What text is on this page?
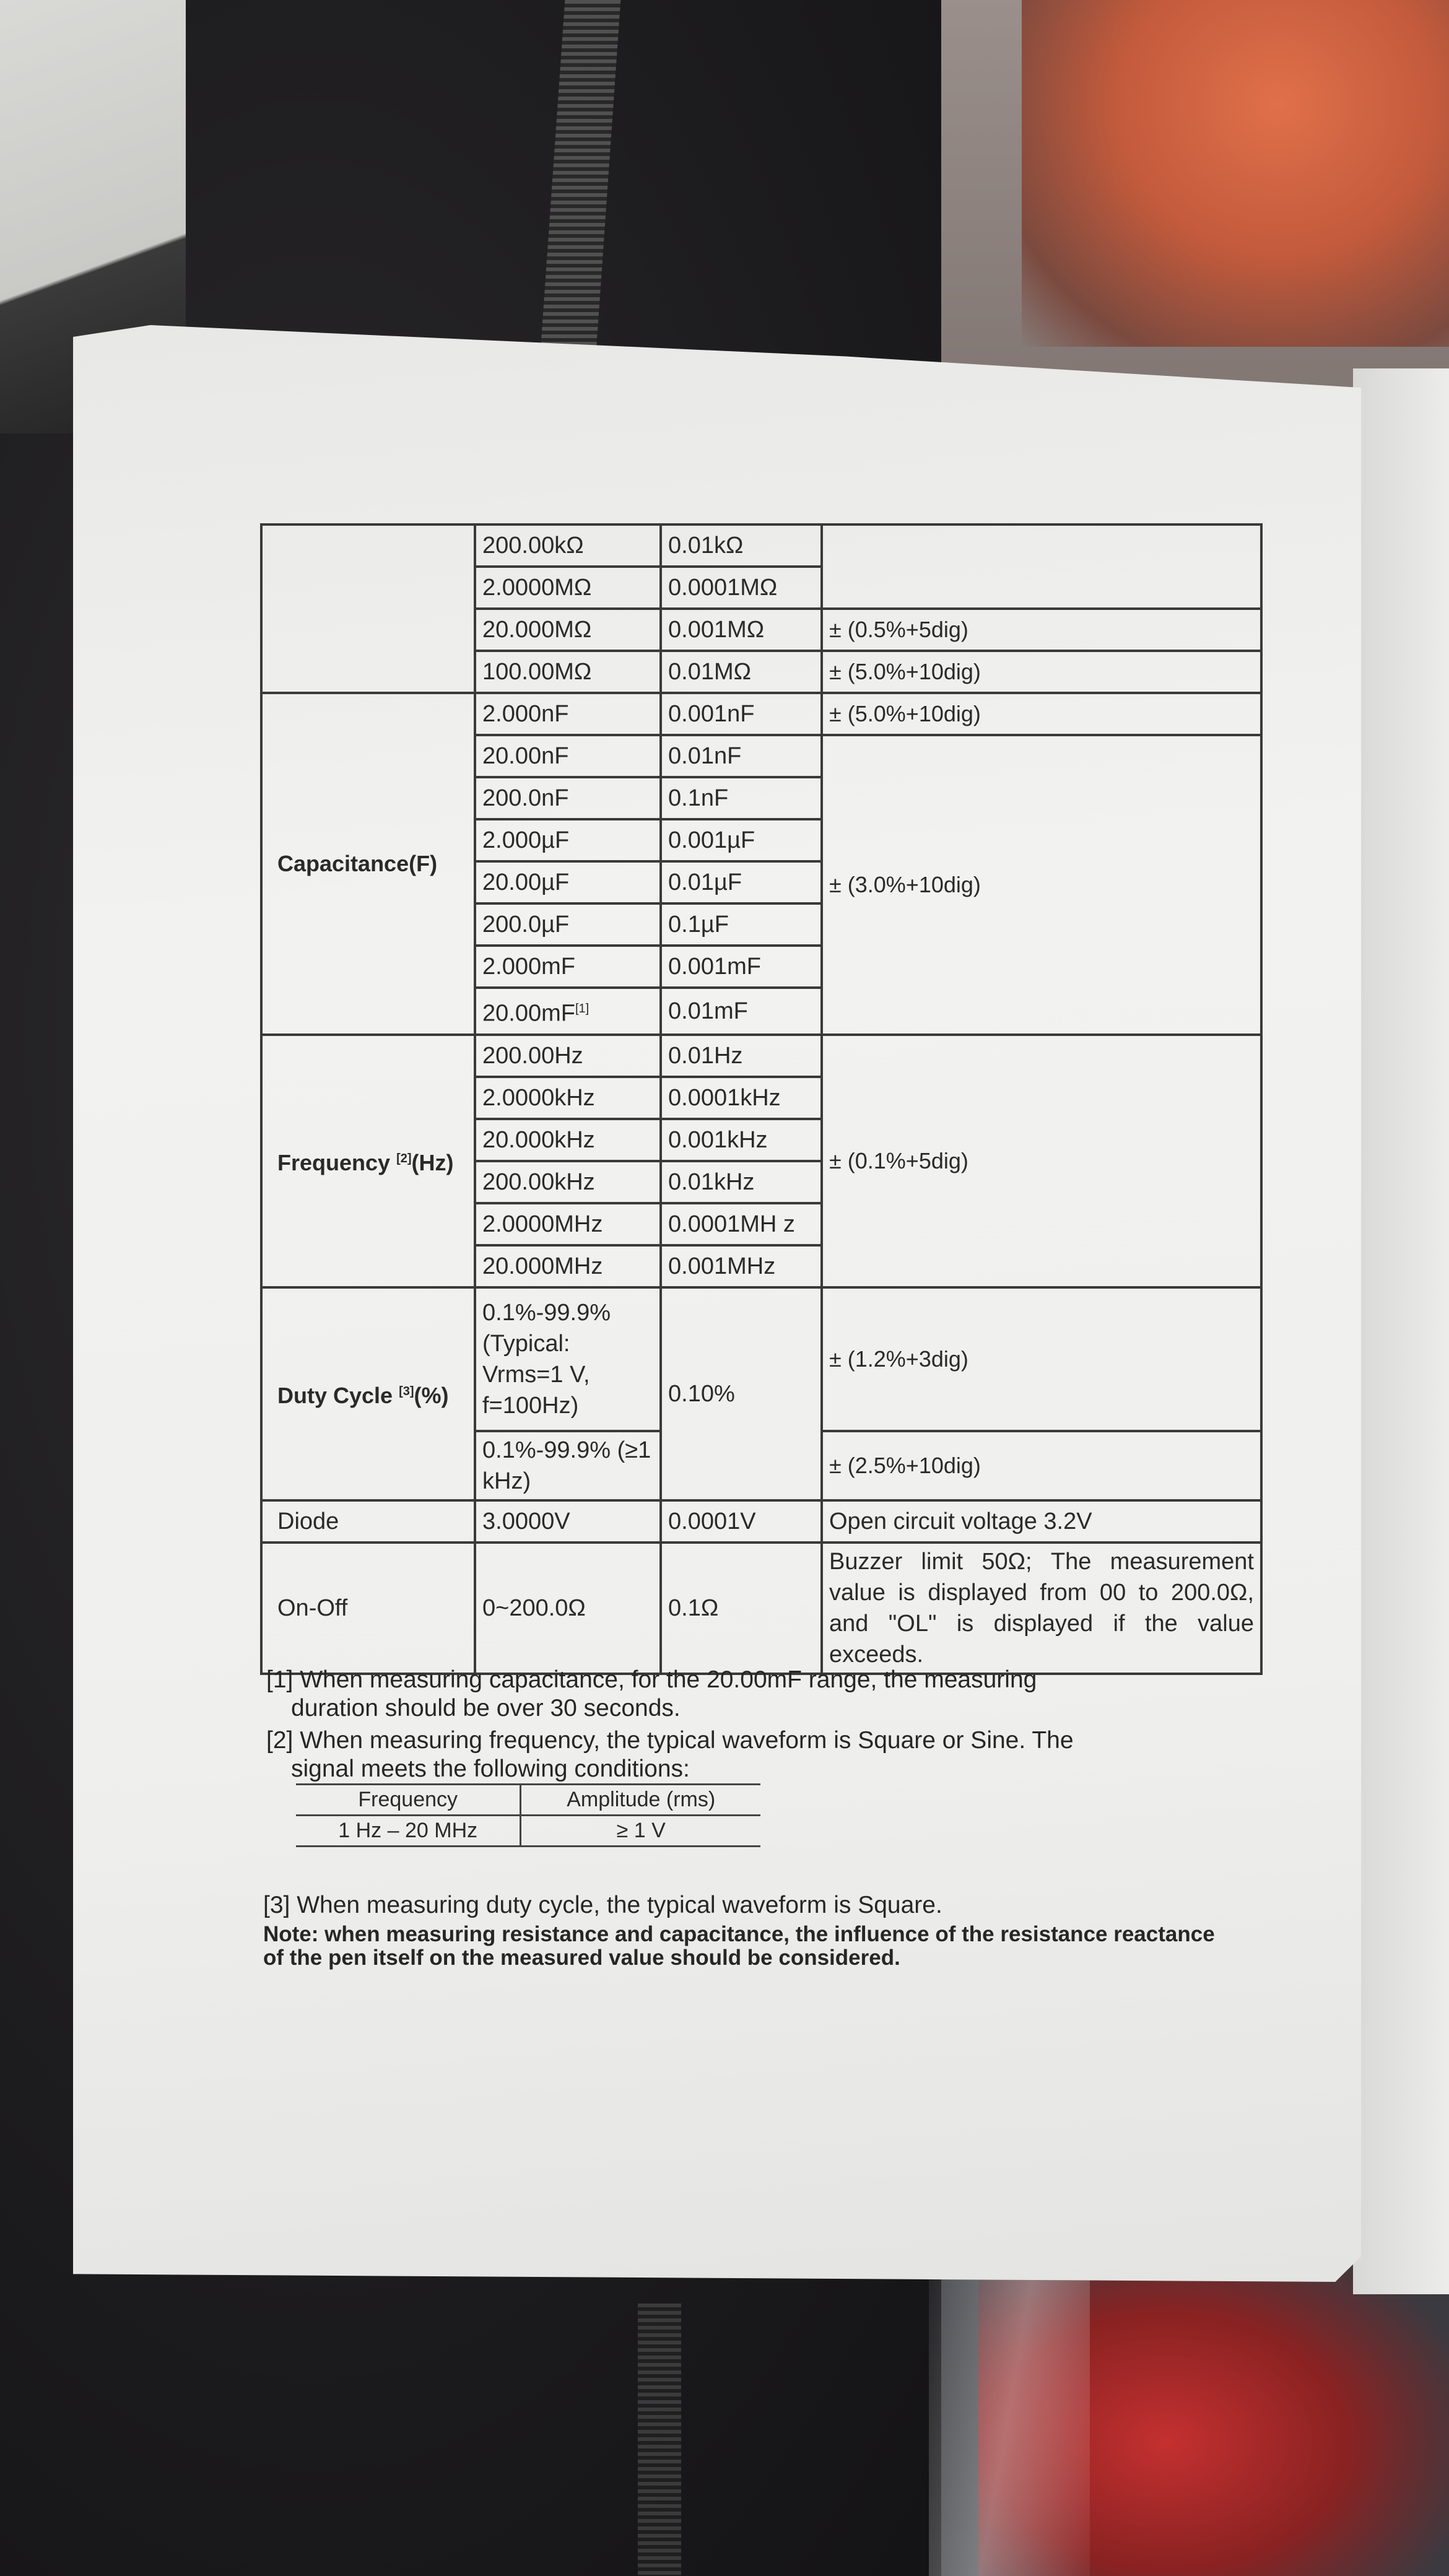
	200.00kΩ	0.01kΩ	
	2.0000MΩ	0.0001MΩ	
	20.000MΩ	0.001MΩ	± (0.5%+5dig)
	100.00MΩ	0.01MΩ	± (5.0%+10dig)
Capacitance(F)	2.000nF	0.001nF	± (5.0%+10dig)
	20.00nF	0.01nF	± (3.0%+10dig)
	200.0nF	0.1nF	
	2.000µF	0.001µF	
	20.00µF	0.01µF	
	200.0µF	0.1µF	
	2.000mF	0.001mF	
	20.00mF[1]	0.01mF	
Frequency [2](Hz)	200.00Hz	0.01Hz	± (0.1%+5dig)
	2.0000kHz	0.0001kHz	
	20.000kHz	0.001kHz	
	200.00kHz	0.01kHz	
	2.0000MHz	0.0001MH z	
	20.000MHz	0.001MHz	
Duty Cycle [3](%)	0.1%-99.9% (Typical: Vrms=1 V, f=100Hz)	0.10%	± (1.2%+3dig)
	0.1%-99.9% (≥1 kHz)		± (2.5%+10dig)
Diode	3.0000V	0.0001V	Open circuit voltage 3.2V
On-Off	0~200.0Ω	0.1Ω	Buzzer limit 50Ω; The measurement value is displayed from 00 to 200.0Ω, and "OL" is displayed if the value exceeds.
[1] When measuring capacitance, for the 20.00mF range, the measuring
duration should be over 30 seconds.
[2] When measuring frequency, the typical waveform is Square or Sine. The
signal meets the following conditions:
Frequency	Amplitude (rms)
1 Hz – 20 MHz	≥ 1 V
[3] When measuring duty cycle, the typical waveform is Square.
Note: when measuring resistance and capacitance, the influence of the resistance reactance of the pen itself on the measured value should be considered.
